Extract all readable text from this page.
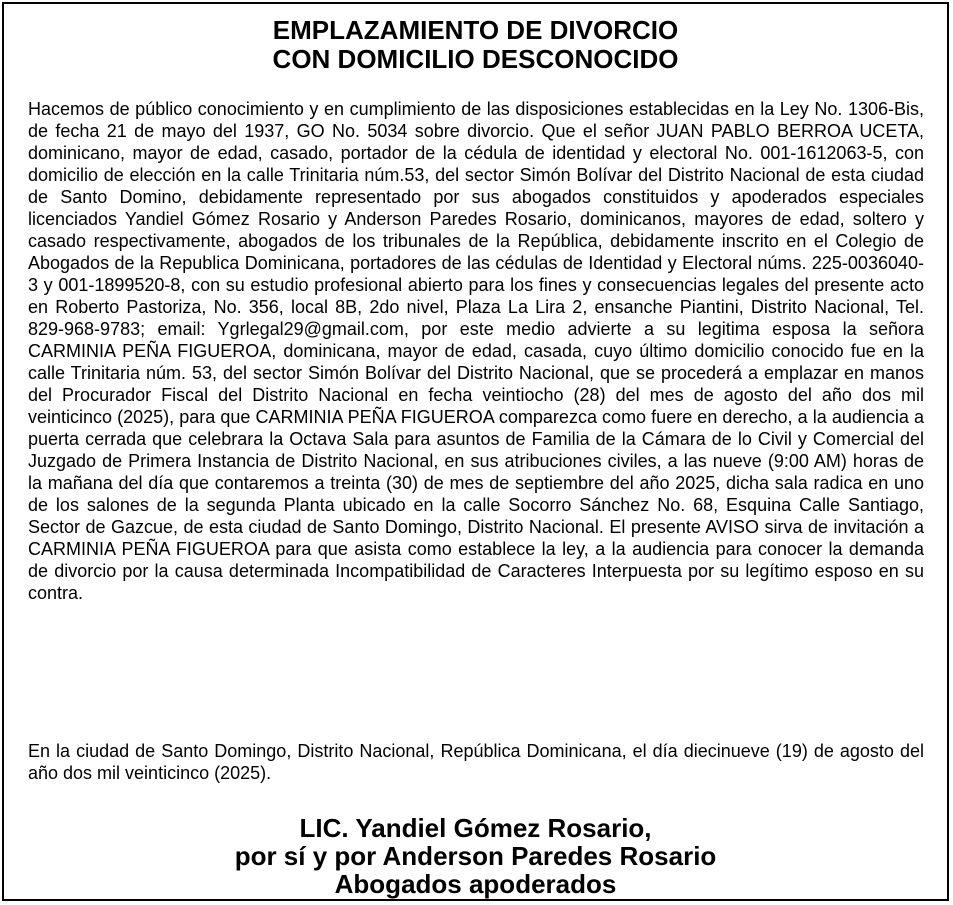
EMPLAZAMIENTO DE DIVORCIO
CON DOMICILIO DESCONOCIDO

Hacemos de público conocimiento y en cumplimiento de las disposiciones establecidas en la Ley No. 1306-Bis, de fecha 21 de mayo del 1937, GO No. 5034 sobre divorcio. Que el señor JUAN PABLO BERROA UCETA, dominicano, mayor de edad, casado, portador de la cédula de identidad y electoral No. 001-1612063-5, con domicilio de elección en la calle Trinitaria núm.53, del sector Simón Bolívar del Distrito Nacional de esta ciudad de Santo Domino, debidamente representado por sus abogados constituidos y apoderados especiales licenciados Yandiel Gómez Rosario y Anderson Paredes Rosario, dominicanos, mayores de edad, soltero y casado respectivamente, abogados de los tribunales de la República, debidamente inscrito en el Colegio de Abogados de la Republica Dominicana, portadores de las cédulas de Identidad y Electoral núms. 225-0036040-3 y 001-1899520-8, con su estudio profesional abierto para los fines y consecuencias legales del presente acto en Roberto Pastoriza, No. 356, local 8B, 2do nivel, Plaza La Lira 2, ensanche Piantini, Distrito Nacional, Tel. 829-968-9783; email: Ygrlegal29@gmail.com, por este medio advierte a su legitima esposa la señora CARMINIA PEÑA FIGUEROA, dominicana, mayor de edad, casada, cuyo último domicilio conocido fue en la calle Trinitaria núm. 53, del sector Simón Bolívar del Distrito Nacional, que se procederá a emplazar en manos del Procurador Fiscal del Distrito Nacional en fecha veintiocho (28) del mes de agosto del año dos mil veinticinco (2025), para que CARMINIA PEÑA FIGUEROA comparezca como fuere en derecho, a la audiencia a puerta cerrada que celebrara la Octava Sala para asuntos de Familia de la Cámara de lo Civil y Comercial del Juzgado de Primera Instancia de Distrito Nacional, en sus atribuciones civiles, a las nueve (9:00 AM) horas de la mañana del día que contaremos a treinta (30) de mes de septiembre del año 2025, dicha sala radica en uno de los salones de la segunda Planta ubicado en la calle Socorro Sánchez No. 68, Esquina Calle Santiago, Sector de Gazcue, de esta ciudad de Santo Domingo, Distrito Nacional. El presente AVISO sirva de invitación a CARMINIA PEÑA FIGUEROA para que asista como establece la ley, a la audiencia para conocer la demanda de divorcio por la causa determinada Incompatibilidad de Caracteres Interpuesta por su legítimo esposo en su contra.

En la ciudad de Santo Domingo, Distrito Nacional, República Dominicana, el día diecinueve (19) de agosto del año dos mil veinticinco (2025).

LIC. Yandiel Gómez Rosario,
por sí y por Anderson Paredes Rosario
Abogados apoderados
